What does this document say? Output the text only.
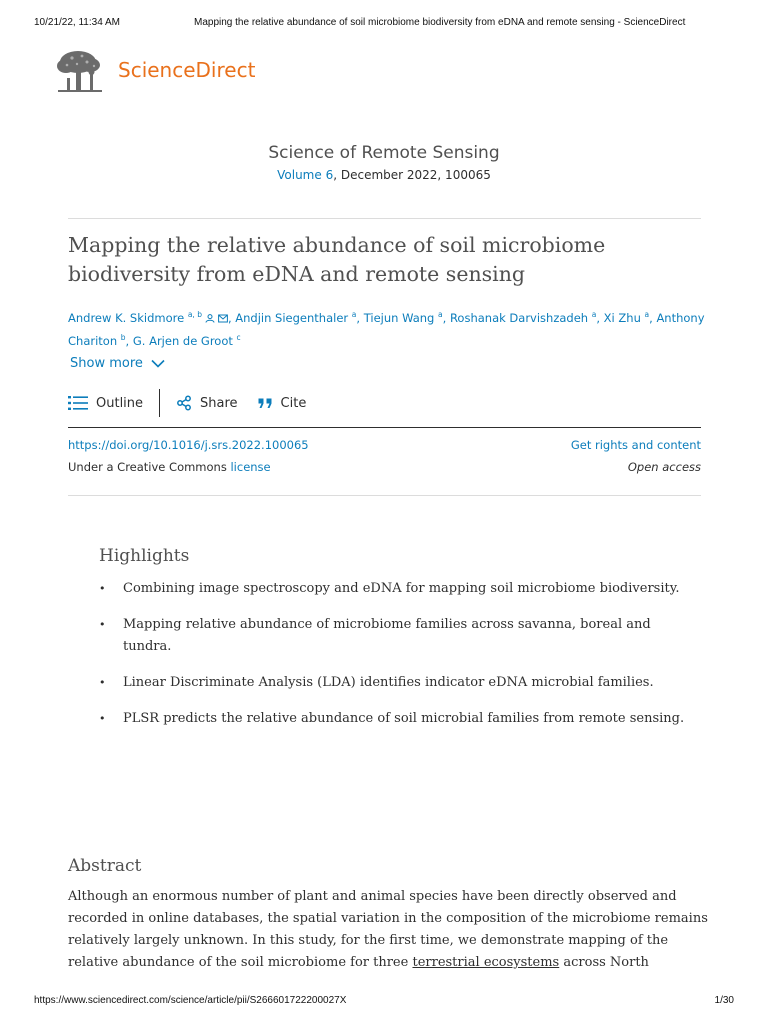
10/21/22, 11:34 AM	Mapping the relative abundance of soil microbiome biodiversity from eDNA and remote sensing - ScienceDirect
ScienceDirect
Science of Remote Sensing
Volume 6, December 2022, 100065
Mapping the relative abundance of soil microbiome biodiversity from eDNA and remote sensing
Andrew K. Skidmore $^{a, b}$ , Andjin Siegenthaler $^a$, Tiejun Wang $^a$, Roshanak Darvishzadeh $^a$, Xi Zhu $^a$, Anthony Chariton $^b$, G. Arjen de Groot $^c$
Show more
Outline	Share	Cite
https://doi.org/10.1016/j.srs.2022.100065	Get rights and content
Under a Creative Commons license	Open access
Highlights
• Combining image spectroscopy and eDNA for mapping soil microbiome biodiversity.
• Mapping relative abundance of microbiome families across savanna, boreal and tundra.
• Linear Discriminate Analysis (LDA) identifies indicator eDNA microbial families.
• PLSR predicts the relative abundance of soil microbial families from remote sensing.
Abstract

Although an enormous number of plant and animal species have been directly observed and recorded in online databases, the spatial variation in the composition of the microbiome remains relatively largely unknown. In this study, for the first time, we demonstrate mapping of the relative abundance of the soil microbiome for three terrestrial ecosystems across North

https://www.sciencedirect.com/science/article/pii/S266601722200027X	1/30
